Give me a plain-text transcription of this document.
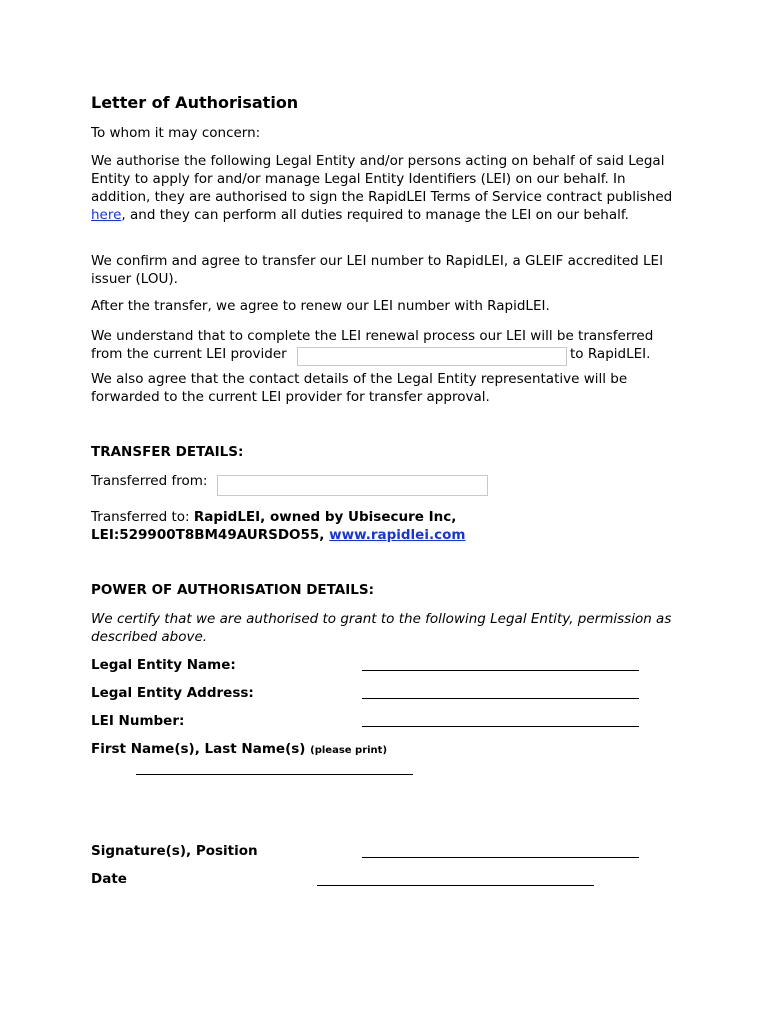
Letter of Authorisation

To whom it may concern:

We authorise the following Legal Entity and/or persons acting on behalf of said Legal Entity to apply for and/or manage Legal Entity Identifiers (LEI) on our behalf. In addition, they are authorised to sign the RapidLEI Terms of Service contract published here, and they can perform all duties required to manage the LEI on our behalf.

We confirm and agree to transfer our LEI number to RapidLEI, a GLEIF accredited LEI issuer (LOU).

After the transfer, we agree to renew our LEI number with RapidLEI.

We understand that to complete the LEI renewal process our LEI will be transferred
from the current LEI provider	to RapidLEI.

We also agree that the contact details of the Legal Entity representative will be forwarded to the current LEI provider for transfer approval.

TRANSFER DETAILS:
Transferred from:
Transferred to: RapidLEI, owned by Ubisecure Inc,
LEI:529900T8BM49AURSDO55, www.rapidlei.com
POWER OF AUTHORISATION DETAILS:

We certify that we are authorised to grant to the following Legal Entity, permission as described above.

Legal Entity Name:
Legal Entity Address:
LEI Number:
First Name(s), Last Name(s) (please print)
Signature(s), Position
Date
